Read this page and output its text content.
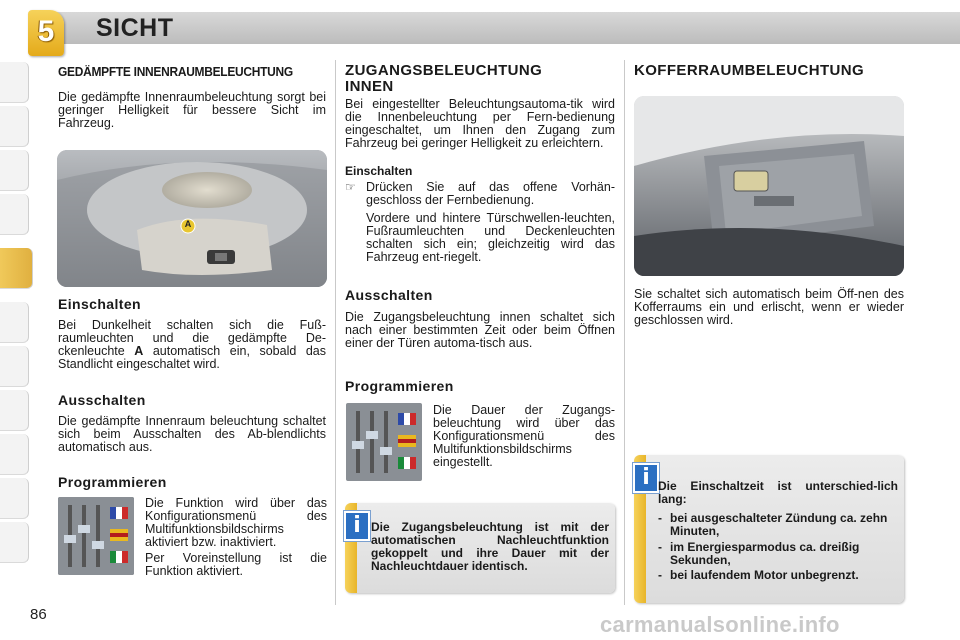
5	SICHT
GEDÄMPFTE INNENRAUMBELEUCHTUNG

Die gedämpfte Innenraumbeleuchtung sorgt bei geringer Helligkeit für bessere Sicht im Fahrzeug.

A
Einschalten

Bei Dunkelheit schalten sich die Fuß-raumleuchten und die gedämpfte De-ckenleuchte A automatisch ein, sobald das Standlicht eingeschaltet wird.

Ausschalten

Die gedämpfte Innenraum beleuchtung schaltet sich beim Ausschalten des Ab-blendlichts automatisch aus.

Programmieren

Die Funktion wird über das Konfigurationsmenü des Multifunktionsbildschirms aktiviert bzw. inaktiviert.

Per Voreinstellung ist die Funktion aktiviert.

ZUGANGSBELEUCHTUNG INNEN

Bei eingestellter Beleuchtungsautoma-tik wird die Innenbeleuchtung per Fern-bedienung eingeschaltet, um Ihnen den Zugang zum Fahrzeug bei geringer Helligkeit zu erleichtern.

Einschalten
☞ Drücken Sie auf das offene Vorhän-geschloss der Fernbedienung.

Vordere und hintere Türschwellen-leuchten, Fußraumleuchten und Deckenleuchten schalten sich ein; gleichzeitig wird das Fahrzeug ent-riegelt.

Ausschalten

Die Zugangsbeleuchtung innen schaltet sich nach einer bestimmten Zeit oder beim Öffnen einer der Türen automa-tisch aus.

Programmieren

Die Dauer der Zugangs-beleuchtung wird über das Konfigurationsmenü des Multifunktionsbildschirms eingestellt.

i Die Zugangsbeleuchtung ist mit der automatischen Nachleuchtfunktion gekoppelt und ihre Dauer mit der Nachleuchtdauer identisch.
KOFFERRAUMBELEUCHTUNG

Sie schaltet sich automatisch beim Öff-nen des Kofferraums ein und erlischt, wenn er wieder geschlossen wird.

i Die Einschaltzeit ist unterschied-lich lang:
- bei ausgeschalteter Zündung ca. zehn Minuten,
- im Energiesparmodus ca. dreißig Sekunden,
- bei laufendem Motor unbegrenzt.
86	carmanualsonline.info
